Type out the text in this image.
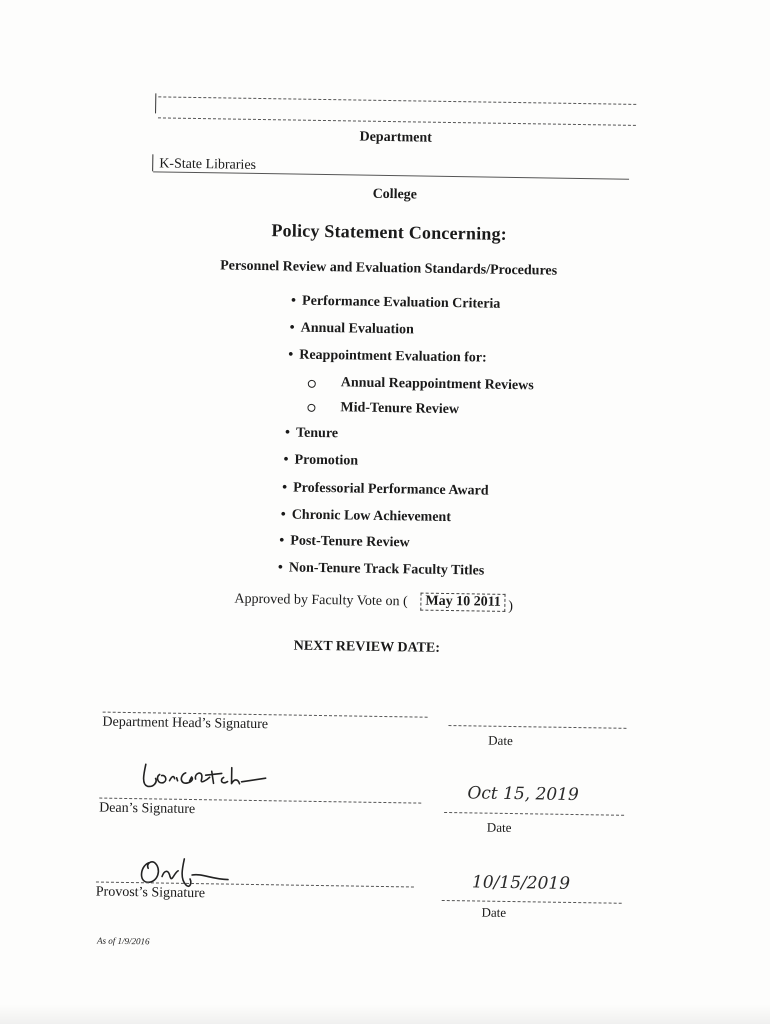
Department
K-State Libraries
College
Policy Statement Concerning:
Personnel Review and Evaluation Standards/Procedures
• Performance Evaluation Criteria
• Annual Evaluation
• Reappointment Evaluation for:
Annual Reappointment Reviews
Mid-Tenure Review
• Tenure
• Promotion
• Professorial Performance Award
• Chronic Low Achievement
• Post-Tenure Review
• Non-Tenure Track Faculty Titles
Approved by Faculty Vote on (	May 10 2011 )
NEXT REVIEW DATE:
Department Head’s Signature
Date
Dean’s Signature
Oct 15, 2019
Date
Provost’s Signature	10/15/2019
Date
As of 1/9/2016
